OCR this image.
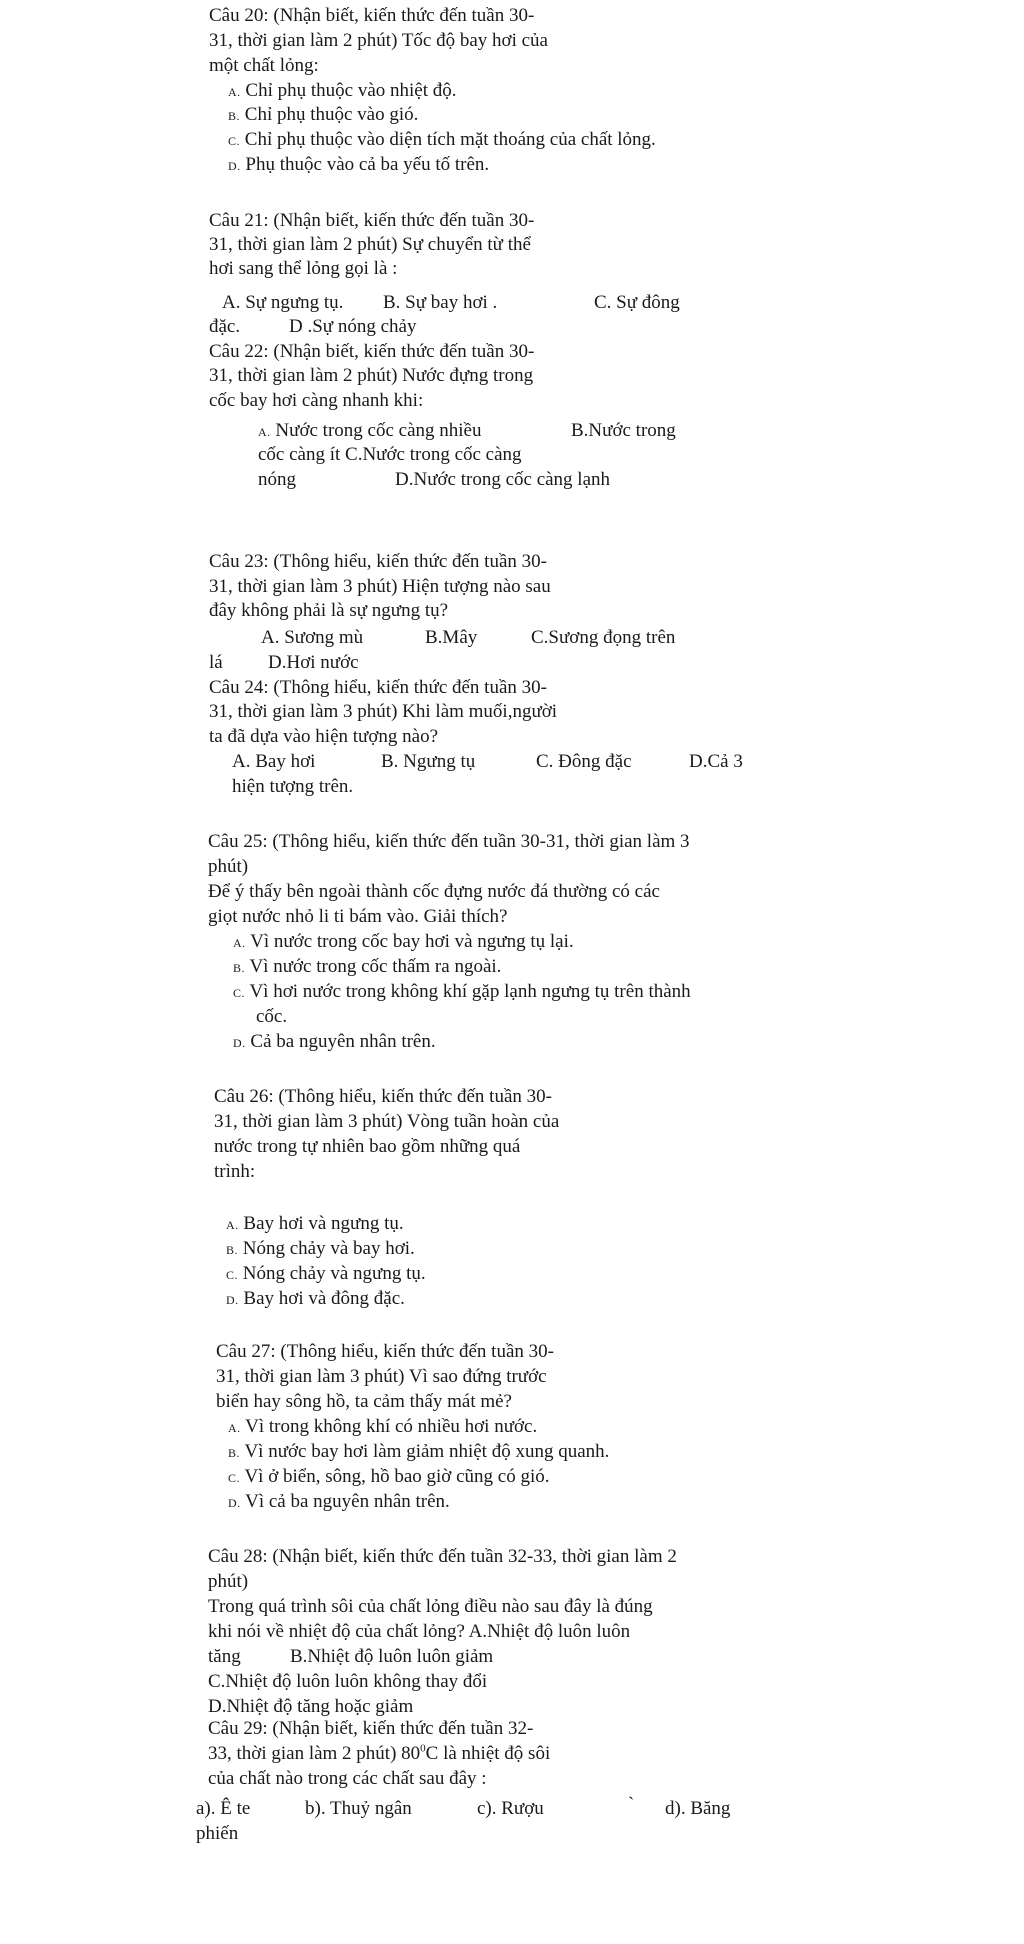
Câu 20: (Nhận biết, kiến thức đến tuần 30-
31, thời gian làm 2 phút) Tốc độ bay hơi của
một chất lỏng:
A. Chỉ phụ thuộc vào nhiệt độ.
B. Chỉ phụ thuộc vào gió.
C. Chỉ phụ thuộc vào diện tích mặt thoáng của chất lỏng.
D. Phụ thuộc vào cả ba yếu tố trên.
Câu 21: (Nhận biết, kiến thức đến tuần 30-
31, thời gian làm 2 phút) Sự chuyển từ thể
hơi sang thể lỏng gọi là :
A. Sự ngưng tụ. B. Sự bay hơi .	C. Sự đông
đặc.	D .Sự nóng chảy
Câu 22: (Nhận biết, kiến thức đến tuần 30-
31, thời gian làm 2 phút) Nước đựng trong
cốc bay hơi càng nhanh khi:
A. Nước trong cốc càng nhiều	B.Nước trong
cốc càng ít C.Nước trong cốc càng
nóng	D.Nước trong cốc càng lạnh
Câu 23: (Thông hiểu, kiến thức đến tuần 30-
31, thời gian làm 3 phút) Hiện tượng nào sau
đây không phải là sự ngưng tụ?
A. Sương mù	B.Mây	C.Sương đọng trên
lá D.Hơi nước
Câu 24: (Thông hiểu, kiến thức đến tuần 30-
31, thời gian làm 3 phút) Khi làm muối,người
ta đã dựa vào hiện tượng nào?
A. Bay hơi	B. Ngưng tụ	C. Đông đặc	D.Cả 3
hiện tượng trên.
Câu 25: (Thông hiểu, kiến thức đến tuần 30-31, thời gian làm 3
phút)
Để ý thấy bên ngoài thành cốc đựng nước đá thường có các
giọt nước nhỏ li ti bám vào. Giải thích?
A. Vì nước trong cốc bay hơi và ngưng tụ lại.
B. Vì nước trong cốc thấm ra ngoài.
C. Vì hơi nước trong không khí gặp lạnh ngưng tụ trên thành
cốc.
D. Cả ba nguyên nhân trên.
Câu 26: (Thông hiểu, kiến thức đến tuần 30-
31, thời gian làm 3 phút) Vòng tuần hoàn của
nước trong tự nhiên bao gồm những quá
trình:
A. Bay hơi và ngưng tụ.
B. Nóng chảy và bay hơi.
C. Nóng chảy và ngưng tụ.
D. Bay hơi và đông đặc.
Câu 27: (Thông hiểu, kiến thức đến tuần 30-
31, thời gian làm 3 phút) Vì sao đứng trước
biển hay sông hồ, ta cảm thấy mát mẻ?
A. Vì trong không khí có nhiều hơi nước.
B. Vì nước bay hơi làm giảm nhiệt độ xung quanh.
C. Vì ở biển, sông, hồ bao giờ cũng có gió.
D. Vì cả ba nguyên nhân trên.
Câu 28: (Nhận biết, kiến thức đến tuần 32-33, thời gian làm 2
phút)
Trong quá trình sôi của chất lỏng điều nào sau đây là đúng
khi nói về nhiệt độ của chất lỏng? A.Nhiệt độ luôn luôn
tăng	B.Nhiệt độ luôn luôn giảm
C.Nhiệt độ luôn luôn không thay đổi
D.Nhiệt độ tăng hoặc giảm
Câu 29: (Nhận biết, kiến thức đến tuần 32-
33, thời gian làm 2 phút) $80^0C$ là nhiệt độ sôi
của chất nào trong các chất sau đây :
a). Ê te	b). Thuỷ ngân	c). Rượu	` d). Băng
phiến
